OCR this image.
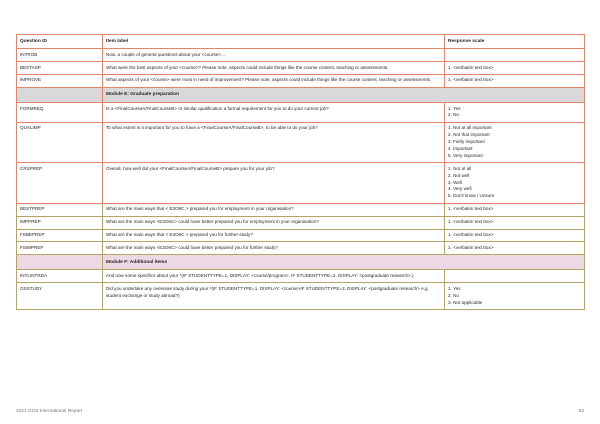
Question ID	Item label	Response scale
INTROB	Now, a couple of general questions about your <course>…	
BESTASP	What were the best aspects of your <course>? Please note, aspects could include things like the course content, teaching or assessments.	1. <verbatim text box>

IMPROVE	What aspects of your <course> were most in need of improvement? Please note, aspects could include things like the course content, teaching or assessments.	1. <verbatim text box>

	Module E: Graduate preparation	
FORMREQ	Is a <FinalCourseA/FinalCourseB> or similar qualification a formal requirement for you to do your current job?	1. Yes
2. No

QUALIMP	To what extent is it important for you to have a <FinalCourseA/FinalCourseB>, to be able to do your job?	1. Not at all important
2. Not that important
3. Fairly important
4. Important
5. Very important

CRSPREP	Overall, how well did your <FinalCourseA/FinalCourseB> prepare you for your job?	1. Not at all
2. Not well
3. Well
4. Very well
5. Don't know / Unsure

BESTPREP	What are the main ways that < E3O6C > prepared you for employment in your organisation?	1. <verbatim text box>

IMPPREP	What are the main ways <E3O6C> could have better prepared you for employment in your organisation?	1. <verbatim text box>

FSBEPREP	What are the main ways that < E3O6C > prepared you for further study?	1. <verbatim text box>

FSIMPREP	What are the main ways <E3O6C> could have better prepared you for further study?	1. <verbatim text box>

	Module F: Additional items	
INTLINTRDA	And now some specifics about your *(IF STUDENTTYPE=1, DISPLAY: <course/program>, IF STUDENTTYPE=2, DISPLAY: <postgraduate research>.)	
OSSTUDY	Did you undertake any overseas study during your *(IF STUDENTTYPE=1, DISPLAY: <course>IF STUDENTTYPE=2, DISPLAY: <postgraduate research> e.g. student exchange or study abroad?)	1. Yes
2. No
3. Not applicable
2021 GOS International Report	53
